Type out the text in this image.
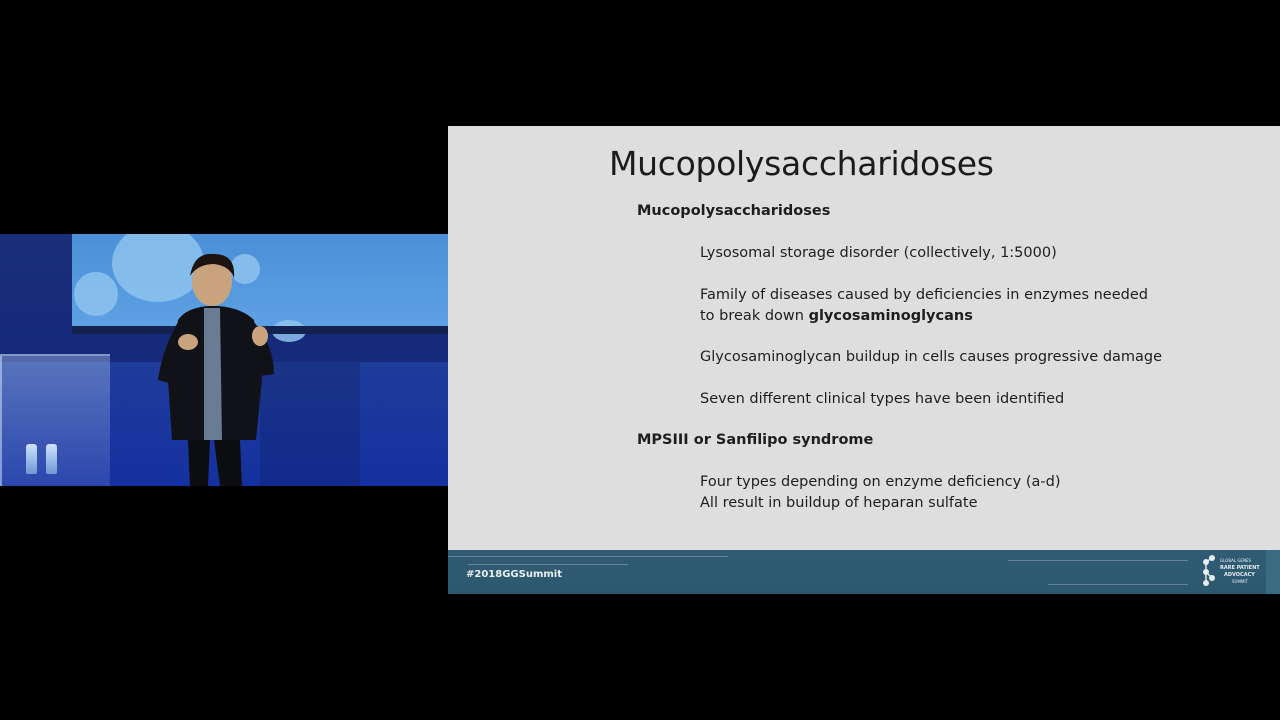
Mucopolysaccharidoses
Mucopolysaccharidoses
Lysosomal storage disorder (collectively, 1:5000)
Family of diseases caused by deficiencies in enzymes needed
to break down glycosaminoglycans
Glycosaminoglycan buildup in cells causes progressive damage
Seven different clinical types have been identified
MPSIII or Sanfilipo syndrome
Four types depending on enzyme deficiency (a-d)
All result in buildup of heparan sulfate
#2018GGSummit
GLOBAL GENES
RARE PATIENT
ADVOCACY
SUMMIT
